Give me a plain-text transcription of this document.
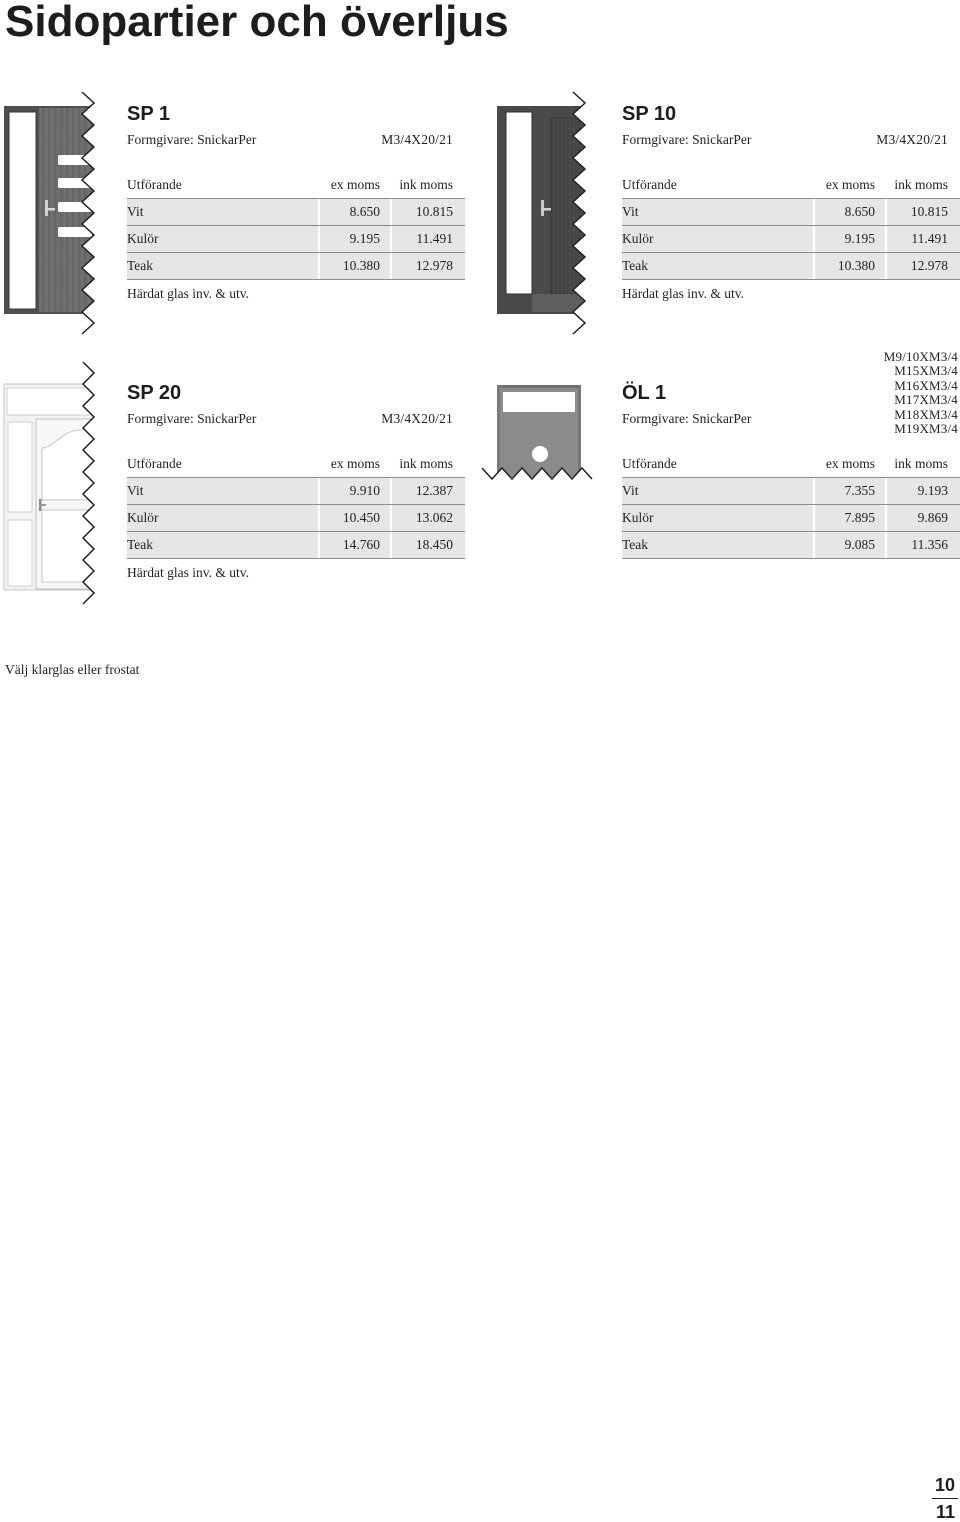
Sidopartier och överljus
SP 1
Formgivare: SnickarPer	M3/4X20/21
Utförande	ex moms	ink moms
Vit	8.650	10.815
Kulör	9.195	11.491
Teak	10.380	12.978
Härdat glas inv. & utv.
SP 10
Formgivare: SnickarPer	M3/4X20/21
Utförande	ex moms	ink moms
Vit	8.650	10.815
Kulör	9.195	11.491
Teak	10.380	12.978
Härdat glas inv. & utv.
SP 20
Formgivare: SnickarPer	M3/4X20/21
Utförande	ex moms	ink moms
Vit	9.910	12.387
Kulör	10.450	13.062
Teak	14.760	18.450
Härdat glas inv. & utv.
M9/10XM3/4
M15XM3/4
M16XM3/4
M17XM3/4
M18XM3/4
M19XM3/4
ÖL 1
Formgivare: SnickarPer
Utförande	ex moms	ink moms
Vit	7.355	9.193
Kulör	7.895	9.869
Teak	9.085	11.356
Välj klarglas eller frostat
10
11
